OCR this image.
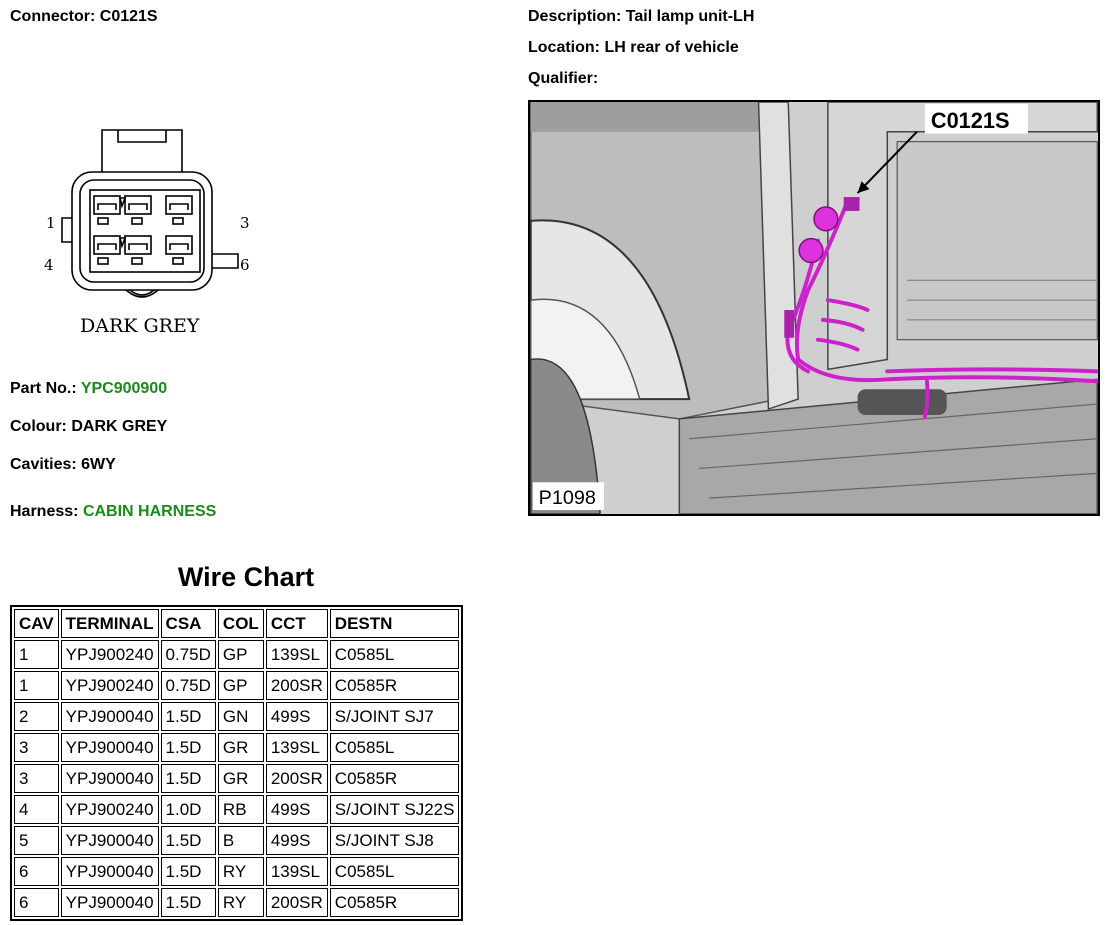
Connector: C0121S	Description: Tail lamp unit-LH
Location: LH rear of vehicle
Qualifier:
1	3
4	6
DARK GREY
Part No.: YPC900900
Colour: DARK GREY
Cavities: 6WY
Harness: CABIN HARNESS
C0121S
P1098
Wire Chart
CAV	TERMINAL	CSA	COL	CCT	DESTN
1	YPJ900240	0.75D	GP	139SL	C0585L
1	YPJ900240	0.75D	GP	200SR	C0585R
2	YPJ900040	1.5D	GN	499S	S/JOINT SJ7
3	YPJ900040	1.5D	GR	139SL	C0585L
3	YPJ900040	1.5D	GR	200SR	C0585R
4	YPJ900240	1.0D	RB	499S	S/JOINT SJ22S
5	YPJ900040	1.5D	B	499S	S/JOINT SJ8
6	YPJ900040	1.5D	RY	139SL	C0585L
6	YPJ900040	1.5D	RY	200SR	C0585R
